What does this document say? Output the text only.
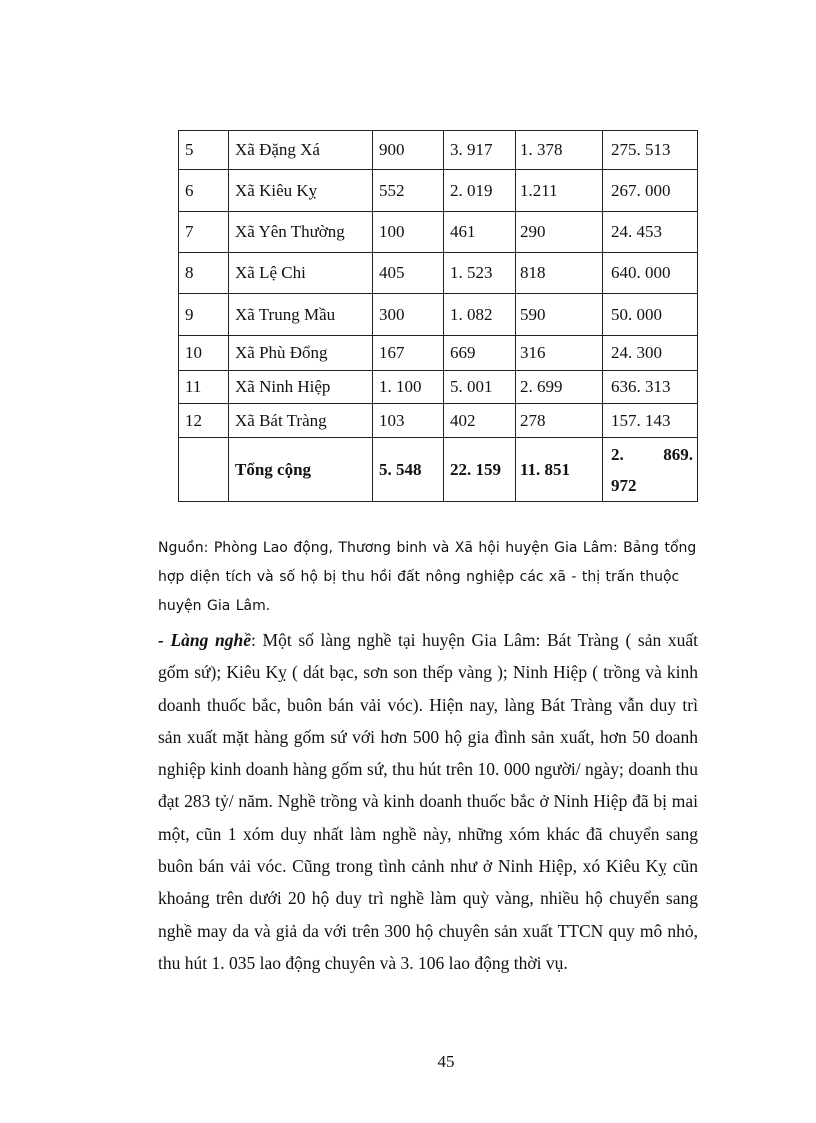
5	Xã Đặng Xá	900	3. 917	1. 378	275. 513
6	Xã Kiêu Kỵ	552	2. 019	1.211	267. 000
7	Xã Yên Thường	100	461	290	24. 453
8	Xã Lệ Chi	405	1. 523	818	640. 000
9	Xã Trung Mầu	300	1. 082	590	50. 000
10	Xã Phù Đổng	167	669	316	24. 300
11	Xã Ninh Hiệp	1. 100	5. 001	2. 699	636. 313
12	Xã Bát Tràng	103	402	278	157. 143
	Tổng cộng	5. 548	22. 159	11. 851	2. 869.
972
Nguồn: Phòng Lao động, Thương binh và Xã hội huyện Gia Lâm: Bảng tổng hợp diện tích và số hộ bị thu hồi đất nông nghiệp các xã - thị trấn thuộc huyện Gia Lâm.
- Làng nghề: Một số làng nghề tại huyện Gia Lâm: Bát Tràng ( sản xuất gốm sứ); Kiêu Kỵ ( dát bạc, sơn son thếp vàng ); Ninh Hiệp ( trồng và kinh doanh thuốc bắc, buôn bán vải vóc). Hiện nay, làng Bát Tràng vẫn duy trì sản xuất mặt hàng gốm sứ với hơn 500 hộ gia đình sản xuất, hơn 50 doanh nghiệp kinh doanh hàng gốm sứ, thu hút trên 10. 000 người/ ngày; doanh thu đạt 283 tỷ/ năm. Nghề trồng và kinh doanh thuốc bắc ở Ninh Hiệp đã bị mai một, cũn 1 xóm duy nhất làm nghề này, những xóm khác đã chuyển sang buôn bán vải vóc. Cũng trong tình cảnh như ở Ninh Hiệp, xó Kiêu Kỵ cũn khoảng trên dưới 20 hộ duy trì nghề làm quỳ vàng, nhiều hộ chuyển sang nghề may da và giả da với trên 300 hộ chuyên sản xuất TTCN quy mô nhỏ, thu hút 1. 035 lao động chuyên và 3. 106 lao động thời vụ.
45
